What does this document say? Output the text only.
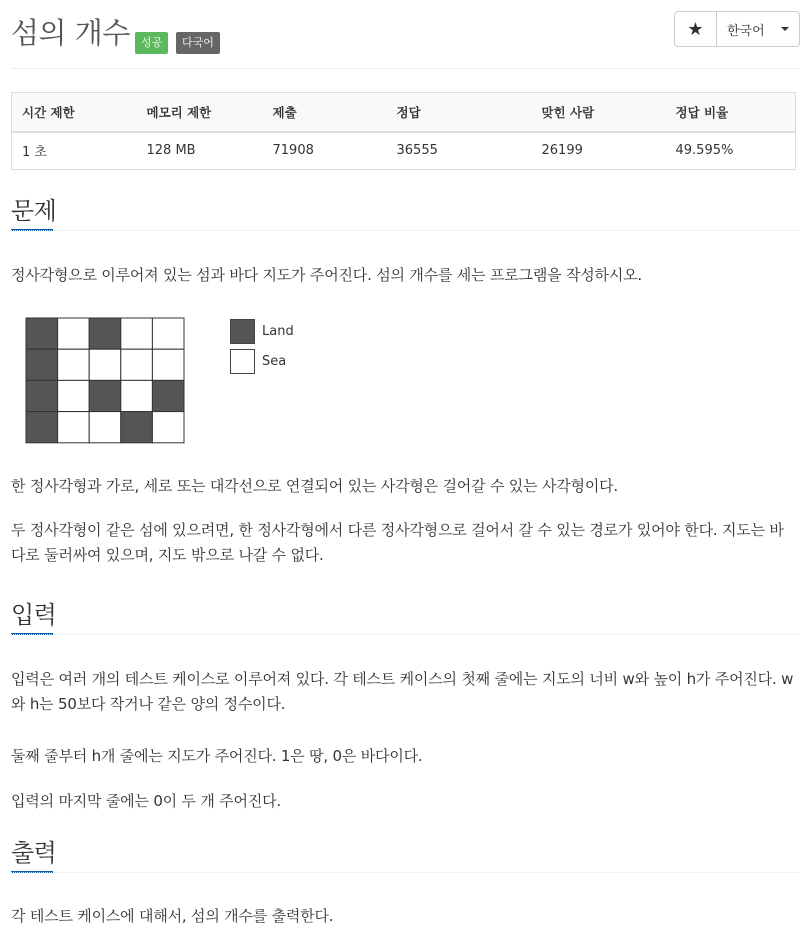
섬의 개수	성공	다국어
★	한국어
시간 제한	메모리 제한	제출	정답	맞힌 사람	정답 비율
1 초	128 MB	71908	36555	26199	49.595%
문제

정사각형으로 이루어져 있는 섬과 바다 지도가 주어진다. 섬의 개수를 세는 프로그램을 작성하시오.

Land
Sea

한 정사각형과 가로, 세로 또는 대각선으로 연결되어 있는 사각형은 걸어갈 수 있는 사각형이다.

두 정사각형이 같은 섬에 있으려면, 한 정사각형에서 다른 정사각형으로 걸어서 갈 수 있는 경로가 있어야 한다. 지도는 바다로 둘러싸여 있으며, 지도 밖으로 나갈 수 없다.

입력

입력은 여러 개의 테스트 케이스로 이루어져 있다. 각 테스트 케이스의 첫째 줄에는 지도의 너비 w와 높이 h가 주어진다. w와 h는 50보다 작거나 같은 양의 정수이다.

둘째 줄부터 h개 줄에는 지도가 주어진다. 1은 땅, 0은 바다이다.

입력의 마지막 줄에는 0이 두 개 주어진다.

출력

각 테스트 케이스에 대해서, 섬의 개수를 출력한다.
